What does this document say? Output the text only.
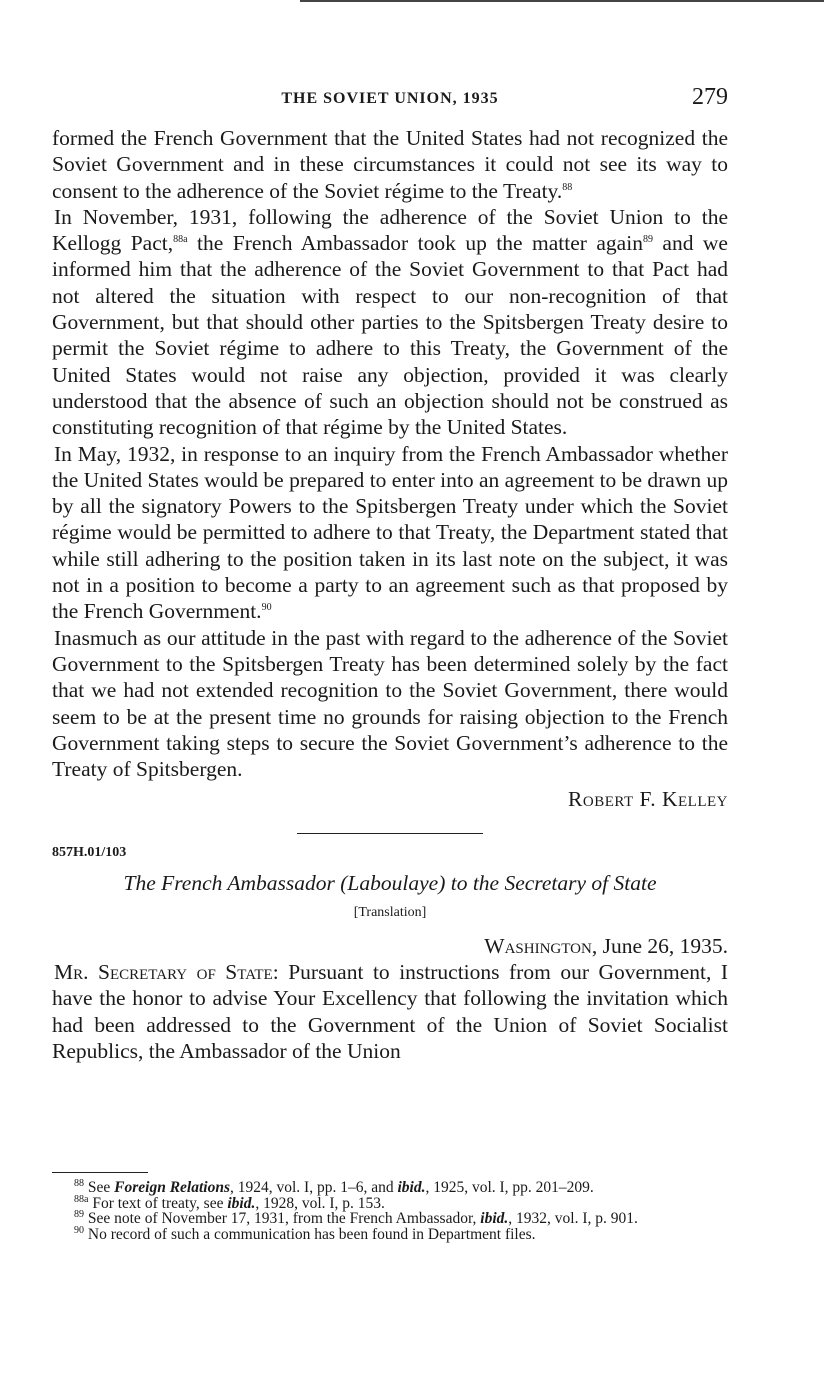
THE SOVIET UNION, 1935	279

formed the French Government that the United States had not recognized the Soviet Government and in these circumstances it could not see its way to consent to the adherence of the Soviet régime to the Treaty.$^{88}$

In November, 1931, following the adherence of the Soviet Union to the Kellogg Pact,$^{88a}$ the French Ambassador took up the matter again$^{89}$ and we informed him that the adherence of the Soviet Government to that Pact had not altered the situation with respect to our non-recognition of that Government, but that should other parties to the Spitsbergen Treaty desire to permit the Soviet régime to adhere to this Treaty, the Government of the United States would not raise any objection, provided it was clearly understood that the absence of such an objection should not be construed as constituting recognition of that régime by the United States.

In May, 1932, in response to an inquiry from the French Ambassador whether the United States would be prepared to enter into an agreement to be drawn up by all the signatory Powers to the Spitsbergen Treaty under which the Soviet régime would be permitted to adhere to that Treaty, the Department stated that while still adhering to the position taken in its last note on the subject, it was not in a position to become a party to an agreement such as that proposed by the French Government.$^{90}$

Inasmuch as our attitude in the past with regard to the adherence of the Soviet Government to the Spitsbergen Treaty has been determined solely by the fact that we had not extended recognition to the Soviet Government, there would seem to be at the present time no grounds for raising objection to the French Government taking steps to secure the Soviet Government’s adherence to the Treaty of Spitsbergen.

Robert F. Kelley
857H.01/103
The French Ambassador (Laboulaye) to the Secretary of State
[Translation]
Washington, June 26, 1935.

Mr. Secretary of State: Pursuant to instructions from our Government, I have the honor to advise Your Excellency that following the invitation which had been addressed to the Government of the Union of Soviet Socialist Republics, the Ambassador of the Union

$^{88}$ See Foreign Relations, 1924, vol. I, pp. 1–6, and ibid., 1925, vol. I, pp. 201–209.

$^{88a}$ For text of treaty, see ibid., 1928, vol. I, p. 153.

$^{89}$ See note of November 17, 1931, from the French Ambassador, ibid., 1932, vol. I, p. 901.

$^{90}$ No record of such a communication has been found in Department files.
